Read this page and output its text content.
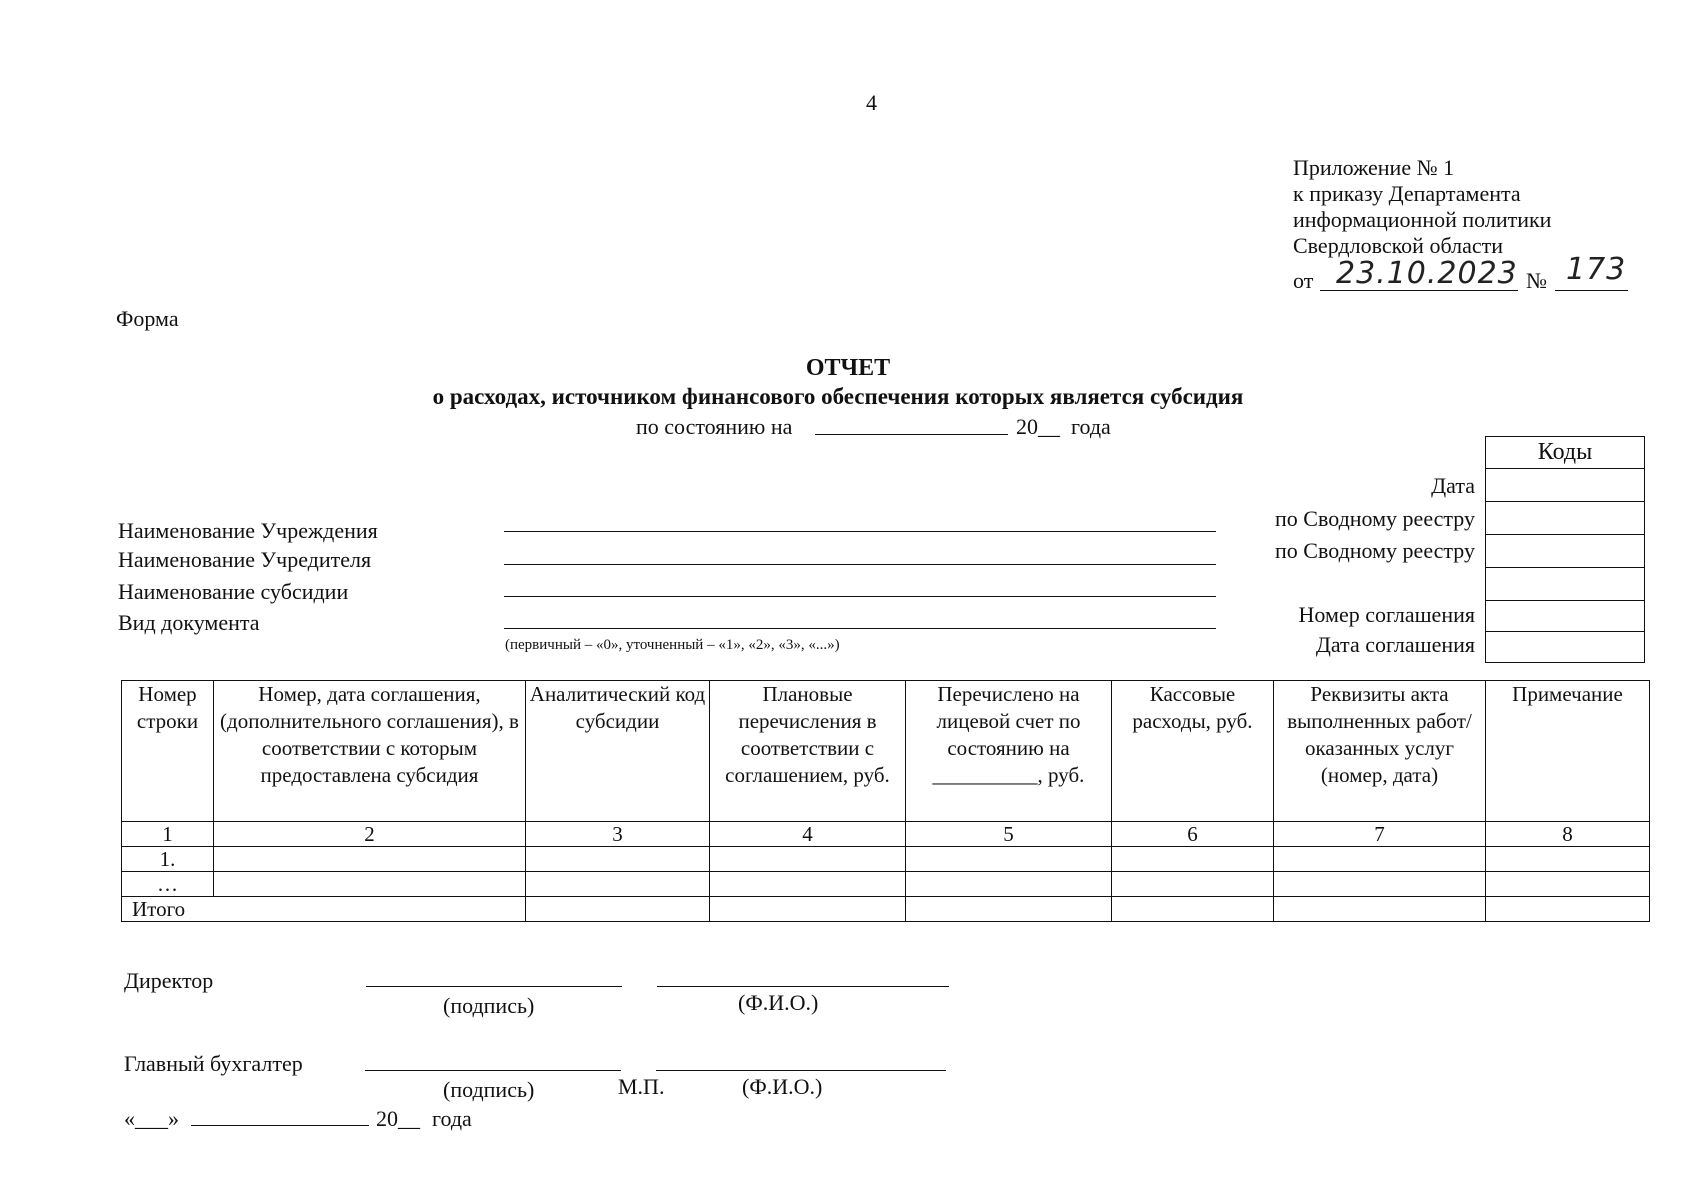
4
Приложение № 1
к приказу Департамента
информационной политики
Свердловской области
от 23.10.2023 № 173
Форма
ОТЧЕТ
о расходах, источником финансового обеспечения которых является субсидия
по состоянию на	20__ года
Коды

Дата
по Сводному реестру
по Сводному реестру
Номер соглашения
Дата соглашения
Наименование Учреждения
Наименование Учредителя
Наименование субсидии
Вид документа
(первичный – «0», уточненный – «1», «2», «3», «...»)
Номер строки	Номер, дата соглашения, (дополнительного соглашения), в соответствии с которым предоставлена субсидия	Аналитический код субсидии	Плановые перечисления в соответствии с соглашением, руб.	Перечислено на лицевой счет по состоянию на __________, руб.	Кассовые расходы, руб.	Реквизиты акта выполненных работ/оказанных услуг (номер, дата)	Примечание
1	2	3	4	5	6	7	8
1.							
…							
Итого							
Директор
(подпись)	(Ф.И.О.)
Главный бухгалтер
(подпись)	М.П.	(Ф.И.О.)
«___»	20__ года
